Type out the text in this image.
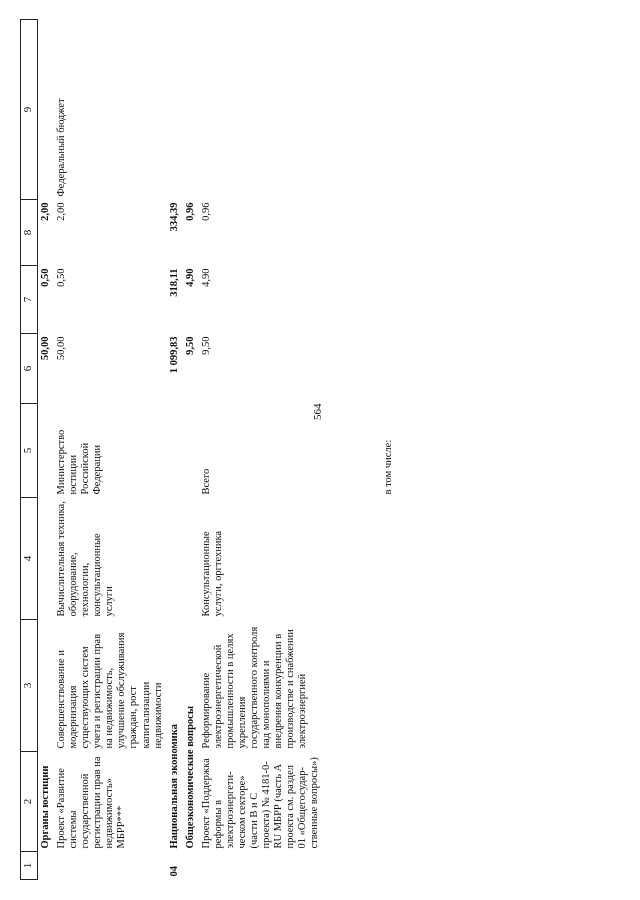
564
1	2	3	4	5	6	7	8	9
	Органы юстиции				50,00	0,50	2,00	
	Проект «Развитие системы государственной регистрации прав на недвижимость» МБРР***	Совершенствование и модернизация существующих систем учета и регистрации прав на недвижимость, улучшение обслуживания граждан, рост капитализации недвижимости	Вычислительная техника, оборудование, технологии, консультационные услуги	Министерство юстиции Российской Федерации	50,00	0,50	2,00	Федеральный бюджет
04	Национальная экономика				1 099,83	318,11	334,39	
	Общеэкономические вопросы				9,50	4,90	0,96	
	Проект «Поддержка реформы в электроэнергети-ческом секторе» (части В и С проекта) № 4181-0-RU МБРР (часть А проекта см. раздел 01 «Общегосудар-ственные вопросы»)	Реформирование электроэнергетической промышленности в целях укрепления государственного контроля над монополиями и внедрения конкуренции в производстве и снабжении электроэнергией	Консультационные услуги, оргтехника	Всего в том числе:	9,50	4,90	0,96	
